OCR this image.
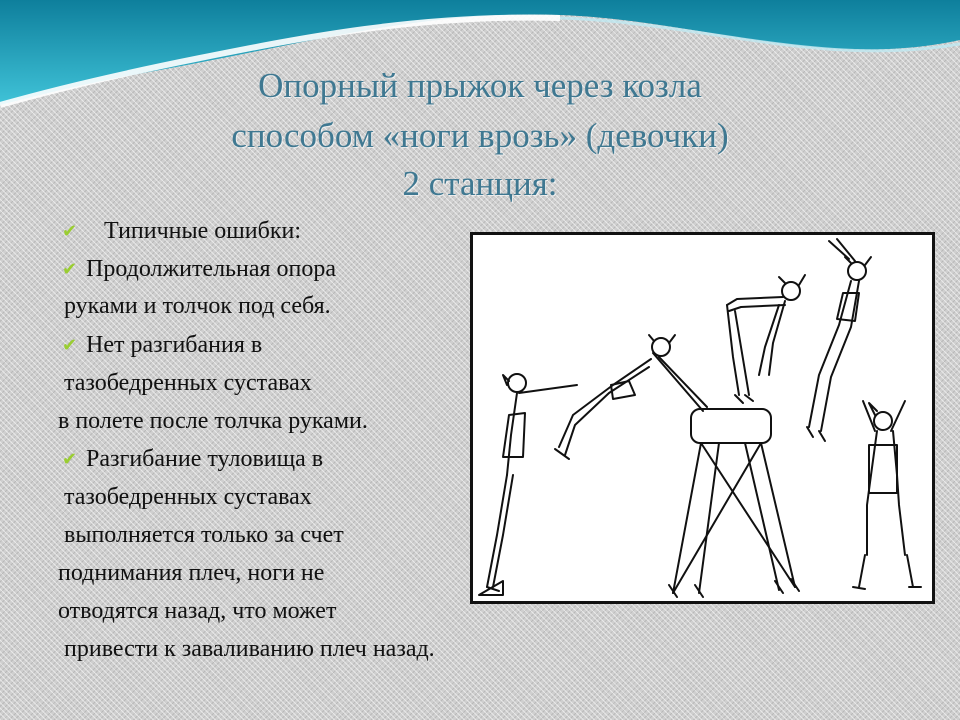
Опорный прыжок через козла
способом «ноги врозь» (девочки)
2 станция:
✔ Типичные ошибки:
✔ Продолжительная опора
руками и толчок под себя.
✔ Нет разгибания в
тазобедренных суставах
в полете после толчка руками.
✔ Разгибание туловища в
тазобедренных суставах
выполняется только за счет
поднимания плеч, ноги не
отводятся назад, что может
привести к заваливанию плеч назад.
